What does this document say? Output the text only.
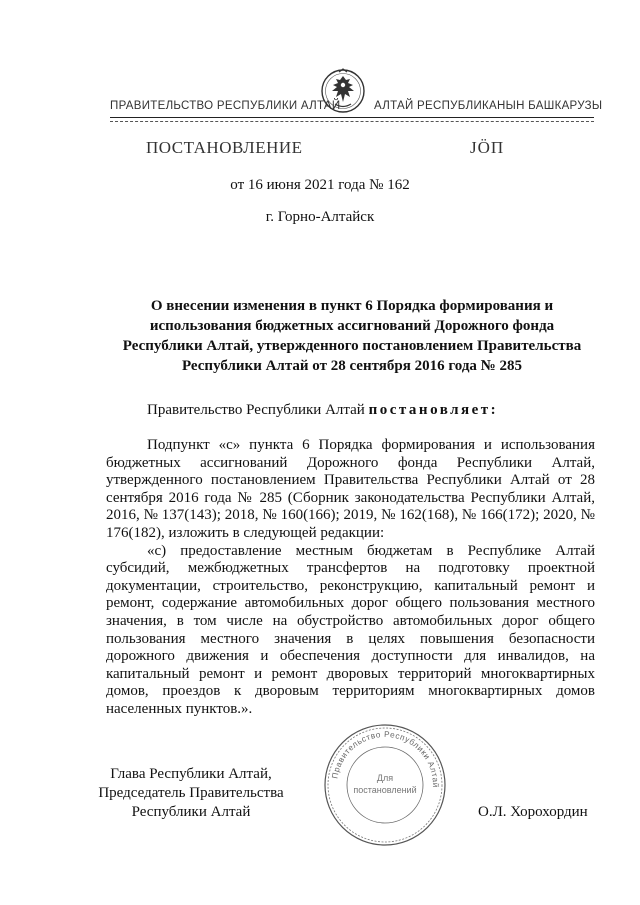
ПРАВИТЕЛЬСТВО РЕСПУБЛИКИ АЛТАЙ	АЛТАЙ РЕСПУБЛИКАНЫН БАШКАРУЗЫ
ПОСТАНОВЛЕНИЕ	ЈӦП
от 16 июня 2021 года № 162
г. Горно-Алтайск
О внесении изменения в пункт 6 Порядка формирования и
использования бюджетных ассигнований Дорожного фонда
Республики Алтай, утвержденного постановлением Правительства
Республики Алтай от 28 сентября 2016 года № 285
Правительство Республики Алтай постановляет:

Подпункт «с» пункта 6 Порядка формирования и использования бюджетных ассигнований Дорожного фонда Республики Алтай, утвержденного постановлением Правительства Республики Алтай от 28 сентября 2016 года № 285 (Сборник законодательства Республики Алтай, 2016, № 137(143); 2018, № 160(166); 2019, № 162(168), № 166(172); 2020, № 176(182), изложить в следующей редакции:

«с) предоставление местным бюджетам в Республике Алтай субсидий, межбюджетных трансфертов на подготовку проектной документации, строительство, реконструкцию, капитальный ремонт и ремонт, содержание автомобильных дорог общего пользования местного значения, в том числе на обустройство автомобильных дорог общего пользования местного значения в целях повышения безопасности дорожного движения и обеспечения доступности для инвалидов, на капитальный ремонт и ремонт дворовых территорий многоквартирных домов, проездов к дворовым территориям многоквартирных домов населенных пунктов.».

Глава Республики Алтай,
Председатель Правительства
Республики Алтай
Правительство Республики Алтай
Для
постановлений
О.Л. Хорохордин
